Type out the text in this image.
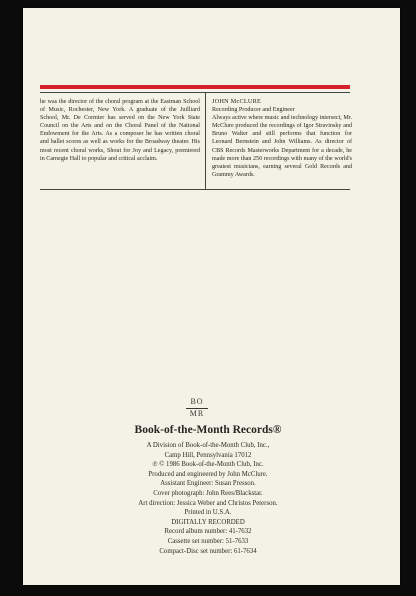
he was the director of the choral program at the Eastman School of Music, Rochester, New York. A graduate of the Juilliard School, Mr. De Cormier has served on the New York State Council on the Arts and on the Choral Panel of the National Endowment for the Arts. As a composer he has written choral and ballet scores as well as works for the Broadway theater. His most recent choral works, Shout for Joy and Legacy, premiered in Carnegie Hall to popular and critical acclaim.

JOHN McCLURE

Recording Producer and Engineer

Always active where music and technology intersect, Mr. McClure produced the recordings of Igor Stravinsky and Bruno Walter and still performs that function for Leonard Bernstein and John Williams. As director of CBS Records Masterworks Department for a decade, he made more than 250 recordings with many of the world's greatest musicians, earning several Gold Records and Grammy Awards.

BO
MR
Book-of-the-Month Records®
A Division of Book-of-the-Month Club, Inc.,
Camp Hill, Pennsylvania 17012
℗ © 1986 Book-of-the-Month Club, Inc.
Produced and engineered by John McClure.
Assistant Engineer: Susan Presson.
Cover photograph: John Rees/Blackstar.
Art direction: Jessica Weber and Christos Peterson.
Printed in U.S.A.
DIGITALLY RECORDED
Record album number: 41-7632
Cassette set number: 51-7633
Compact-Disc set number: 61-7634
